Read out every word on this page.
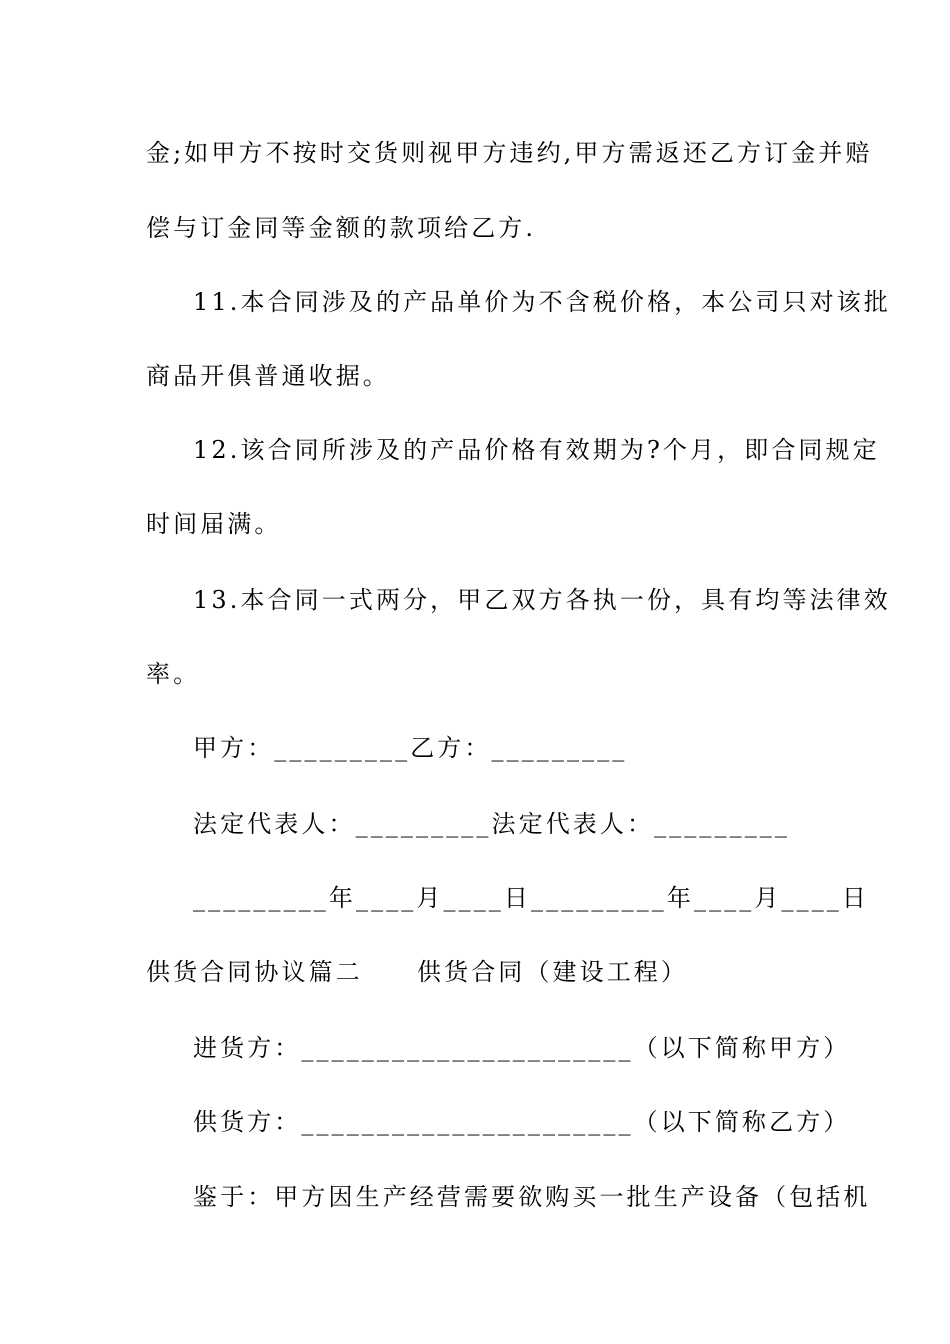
金;如甲方不按时交货则视甲方违约,甲方需返还乙方订金并赔
偿与订金同等金额的款项给乙方.
11.本合同涉及的产品单价为不含税价格，本公司只对该批
商品开俱普通收据。
12.该合同所涉及的产品价格有效期为?个月，即合同规定
时间届满。
13.本合同一式两分，甲乙双方各执一份，具有均等法律效
率。
甲方：_________乙方：_________
法定代表人：_________法定代表人：_________
_________年____月____日_________年____月____日
供货合同协议篇二　　供货合同（建设工程）
进货方：______________________（以下简称甲方）
供货方：______________________（以下简称乙方）
鉴于：甲方因生产经营需要欲购买一批生产设备（包括机
